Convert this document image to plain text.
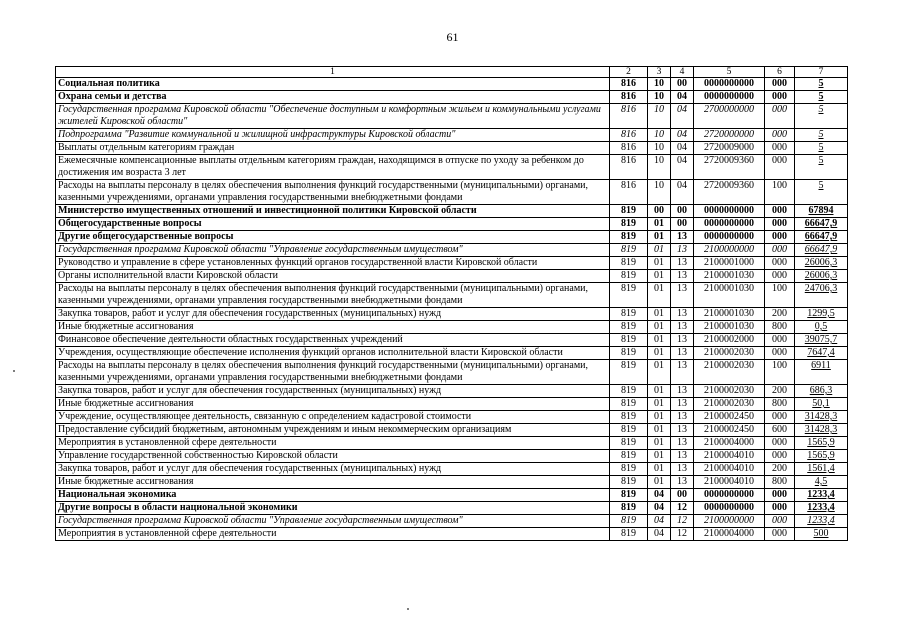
61
1	2	3	4	5	6	7
Социальная политика	816	10	00	0000000000	000	5
Охрана семьи и детства	816	10	04	0000000000	000	5
Государственная программа Кировской области "Обеспечение доступным и комфортным жильем и коммунальными услугами жителей Кировской области"	816	10	04	2700000000	000	5
Подпрограмма "Развитие коммунальной и жилищной инфраструктуры Кировской области"	816	10	04	2720000000	000	5
Выплаты отдельным категориям граждан	816	10	04	2720009000	000	5
Ежемесячные компенсационные выплаты отдельным категориям граждан, находящимся в отпуске по уходу за ребенком до достижения им возраста 3 лет	816	10	04	2720009360	000	5
Расходы на выплаты персоналу в целях обеспечения выполнения функций государственными (муниципальными) органами, казенными учреждениями, органами управления государственными внебюджетными фондами	816	10	04	2720009360	100	5
Министерство имущественных отношений и инвестиционной политики Кировской области	819	00	00	0000000000	000	67894
Общегосударственные вопросы	819	01	00	0000000000	000	66647,9
Другие общегосударственные вопросы	819	01	13	0000000000	000	66647,9
Государственная программа Кировской области "Управление государственным имуществом"	819	01	13	2100000000	000	66647,9
Руководство и управление в сфере установленных функций органов государственной власти Кировской области	819	01	13	2100001000	000	26006,3
Органы исполнительной власти Кировской области	819	01	13	2100001030	000	26006,3
Расходы на выплаты персоналу в целях обеспечения выполнения функций государственными (муниципальными) органами, казенными учреждениями, органами управления государственными внебюджетными фондами	819	01	13	2100001030	100	24706,3
Закупка товаров, работ и услуг для обеспечения государственных (муниципальных) нужд	819	01	13	2100001030	200	1299,5
Иные бюджетные ассигнования	819	01	13	2100001030	800	0,5
Финансовое обеспечение деятельности областных государственных учреждений	819	01	13	2100002000	000	39075,7
Учреждения, осуществляющие обеспечение исполнения функций органов исполнительной власти Кировской области	819	01	13	2100002030	000	7647,4
Расходы на выплаты персоналу в целях обеспечения выполнения функций государственными (муниципальными) органами, казенными учреждениями, органами управления государственными внебюджетными фондами	819	01	13	2100002030	100	6911
Закупка товаров, работ и услуг для обеспечения государственных (муниципальных) нужд	819	01	13	2100002030	200	686,3
Иные бюджетные ассигнования	819	01	13	2100002030	800	50,1
Учреждение, осуществляющее деятельность, связанную с определением кадастровой стоимости	819	01	13	2100002450	000	31428,3
Предоставление субсидий бюджетным, автономным учреждениям и иным некоммерческим организациям	819	01	13	2100002450	600	31428,3
Мероприятия в установленной сфере деятельности	819	01	13	2100004000	000	1565,9
Управление государственной собственностью Кировской области	819	01	13	2100004010	000	1565,9
Закупка товаров, работ и услуг для обеспечения государственных (муниципальных) нужд	819	01	13	2100004010	200	1561,4
Иные бюджетные ассигнования	819	01	13	2100004010	800	4,5
Национальная экономика	819	04	00	0000000000	000	1233,4
Другие вопросы в области национальной экономики	819	04	12	0000000000	000	1233,4
Государственная программа Кировской области "Управление государственным имуществом"	819	04	12	2100000000	000	1233,4
Мероприятия в установленной сфере деятельности	819	04	12	2100004000	000	500
